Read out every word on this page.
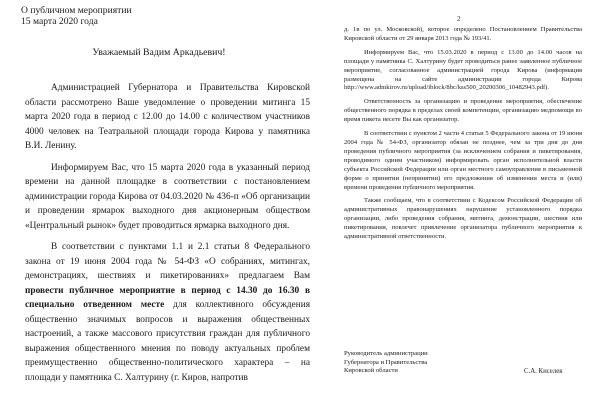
О публичном мероприятии
15 марта 2020 года
Уважаемый Вадим Аркадьевич!

Администрацией Губернатора и Правительства Кировской области рассмотрено Ваше уведомление о проведении митинга 15 марта 2020 года в период с 12.00 до 14.00 с количеством участников 4000 человек на Театральной площади города Кирова у памятника В.И. Ленину.

Информируем Вас, что 15 марта 2020 года в указанный период времени на данной площадке в соответствии с постановлением администрации города Кирова от 04.03.2020 № 436-п «Об организации и проведении ярмарок выходного дня акционерным обществом «Центральный рынок» будет проводиться ярмарка выходного дня.

В соответствии с пунктами 1.1 и 2.1 статьи 8 Федерального закона от 19 июня 2004 года № 54-ФЗ «О собраниях, митингах, демонстрациях, шествиях и пикетированиях» предлагаем Вам провести публичное мероприятие в период с 14.30 до 16.30 в специально отведенном месте для коллективного обсуждения общественно значимых вопросов и выражения общественных настроений, а также массового присутствия граждан для публичного выражения общественного мнения по поводу актуальных проблем преимущественно общественно-политического характера – на площади у памятника С. Халтурину (г. Киров, напротив

2

д. 1в по ул. Московской), которое определено Постановлением Правительства Кировской области от 29 января 2013 года № 193/41.

Информируем Вас, что 15.03.2020 в период с 13.00 до 14.00 часов на площади у памятника С. Халтурину будет проводиться ранее заявленное публичное мероприятие, согласованное администрацией города Кирова (информация размещена на сайте администрации города Кирова http://www.admkirov.ru/upload/iblock/8bc/kss500_20200306_10482943.pdf).

Ответственность за организацию и проведение мероприятия, обеспечение общественного порядка в пределах своей компетенции, организацию медпомощи во время пикета несете Вы как организатор.

В соответствии с пунктом 2 части 4 статьи 5 Федерального закона от 19 июня 2004 года № 54-ФЗ, организатор обязан не позднее, чем за три дня до дня проведения публичного мероприятия (за исключением собрания и пикетирования, проводимого одним участником) информировать орган исполнительной власти субъекта Российской Федерации или орган местного самоуправления в письменной форме о принятии (непринятии) его предложения об изменении места и (или) времени проведения публичного мероприятия.

Также сообщаем, что в соответствии с Кодексом Российской Федерации об административных правонарушениях нарушение установленного порядка организации, либо проведения собрания, митинга, демонстрации, шествия или пикетирования, повлечет привлечение организатора публичного мероприятия к административной ответственности.

Руководитель администрации
Губернатора и Правительства
Кировской области	С.А. Киселев
